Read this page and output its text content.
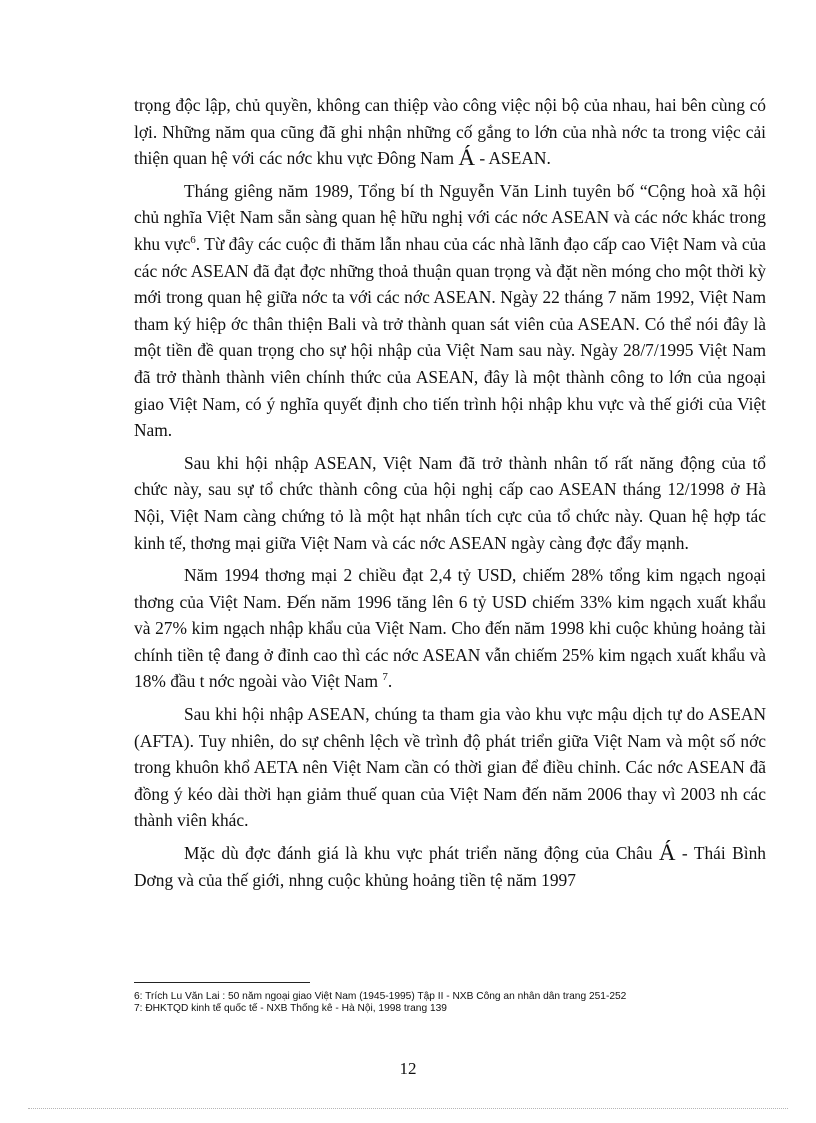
trọng độc lập, chủ quyền, không can thiệp vào công việc nội bộ của nhau, hai bên cùng có lợi. Những năm qua cũng đã ghi nhận những cố gắng to lớn của nhà nớc ta trong việc cải thiện quan hệ với các nớc khu vực Đông Nam Á - ASEAN.

Tháng giêng năm 1989, Tổng bí th Nguyễn Văn Linh tuyên bố “Cộng hoà xã hội chủ nghĩa Việt Nam sẵn sàng quan hệ hữu nghị với các nớc ASEAN và các nớc khác trong khu vực$^6$. Từ đây các cuộc đi thăm lẫn nhau của các nhà lãnh đạo cấp cao Việt Nam và của các nớc ASEAN đã đạt đợc những thoả thuận quan trọng và đặt nền móng cho một thời kỳ mới trong quan hệ giữa nớc ta với các nớc ASEAN. Ngày 22 tháng 7 năm 1992, Việt Nam tham ký hiệp ớc thân thiện Bali và trở thành quan sát viên của ASEAN. Có thể nói đây là một tiền đề quan trọng cho sự hội nhập của Việt Nam sau này. Ngày 28/7/1995 Việt Nam đã trở thành thành viên chính thức của ASEAN, đây là một thành công to lớn của ngoại giao Việt Nam, có ý nghĩa quyết định cho tiến trình hội nhập khu vực và thế giới của Việt Nam.

Sau khi hội nhập ASEAN, Việt Nam đã trở thành nhân tố rất năng động của tổ chức này, sau sự tổ chức thành công của hội nghị cấp cao ASEAN tháng 12/1998 ở Hà Nội, Việt Nam càng chứng tỏ là một hạt nhân tích cực của tổ chức này. Quan hệ hợp tác kinh tế, thơng mại giữa Việt Nam và các nớc ASEAN ngày càng đợc đẩy mạnh.

Năm 1994 thơng mại 2 chiều đạt 2,4 tỷ USD, chiếm 28% tổng kim ngạch ngoại thơng của Việt Nam. Đến năm 1996 tăng lên 6 tỷ USD chiếm 33% kim ngạch xuất khẩu và 27% kim ngạch nhập khẩu của Việt Nam. Cho đến năm 1998 khi cuộc khủng hoảng tài chính tiền tệ đang ở đỉnh cao thì các nớc ASEAN vẫn chiếm 25% kim ngạch xuất khẩu và 18% đầu t nớc ngoài vào Việt Nam $^7$.

Sau khi hội nhập ASEAN, chúng ta tham gia vào khu vực mậu dịch tự do ASEAN (AFTA). Tuy nhiên, do sự chênh lệch về trình độ phát triển giữa Việt Nam và một số nớc trong khuôn khổ AETA nên Việt Nam cần có thời gian để điều chỉnh. Các nớc ASEAN đã đồng ý kéo dài thời hạn giảm thuế quan của Việt Nam đến năm 2006 thay vì 2003 nh các thành viên khác.

Mặc dù đợc đánh giá là khu vực phát triển năng động của Châu Á - Thái Bình Dơng và của thế giới, nhng cuộc khủng hoảng tiền tệ năm 1997

6: Trích Lu Văn Lai : 50 năm ngoại giao Việt Nam (1945-1995) Tập II - NXB Công an nhân dân trang 251-252

7: ĐHKTQD kinh tế quốc tế - NXB Thống kê - Hà Nội, 1998 trang 139

12
